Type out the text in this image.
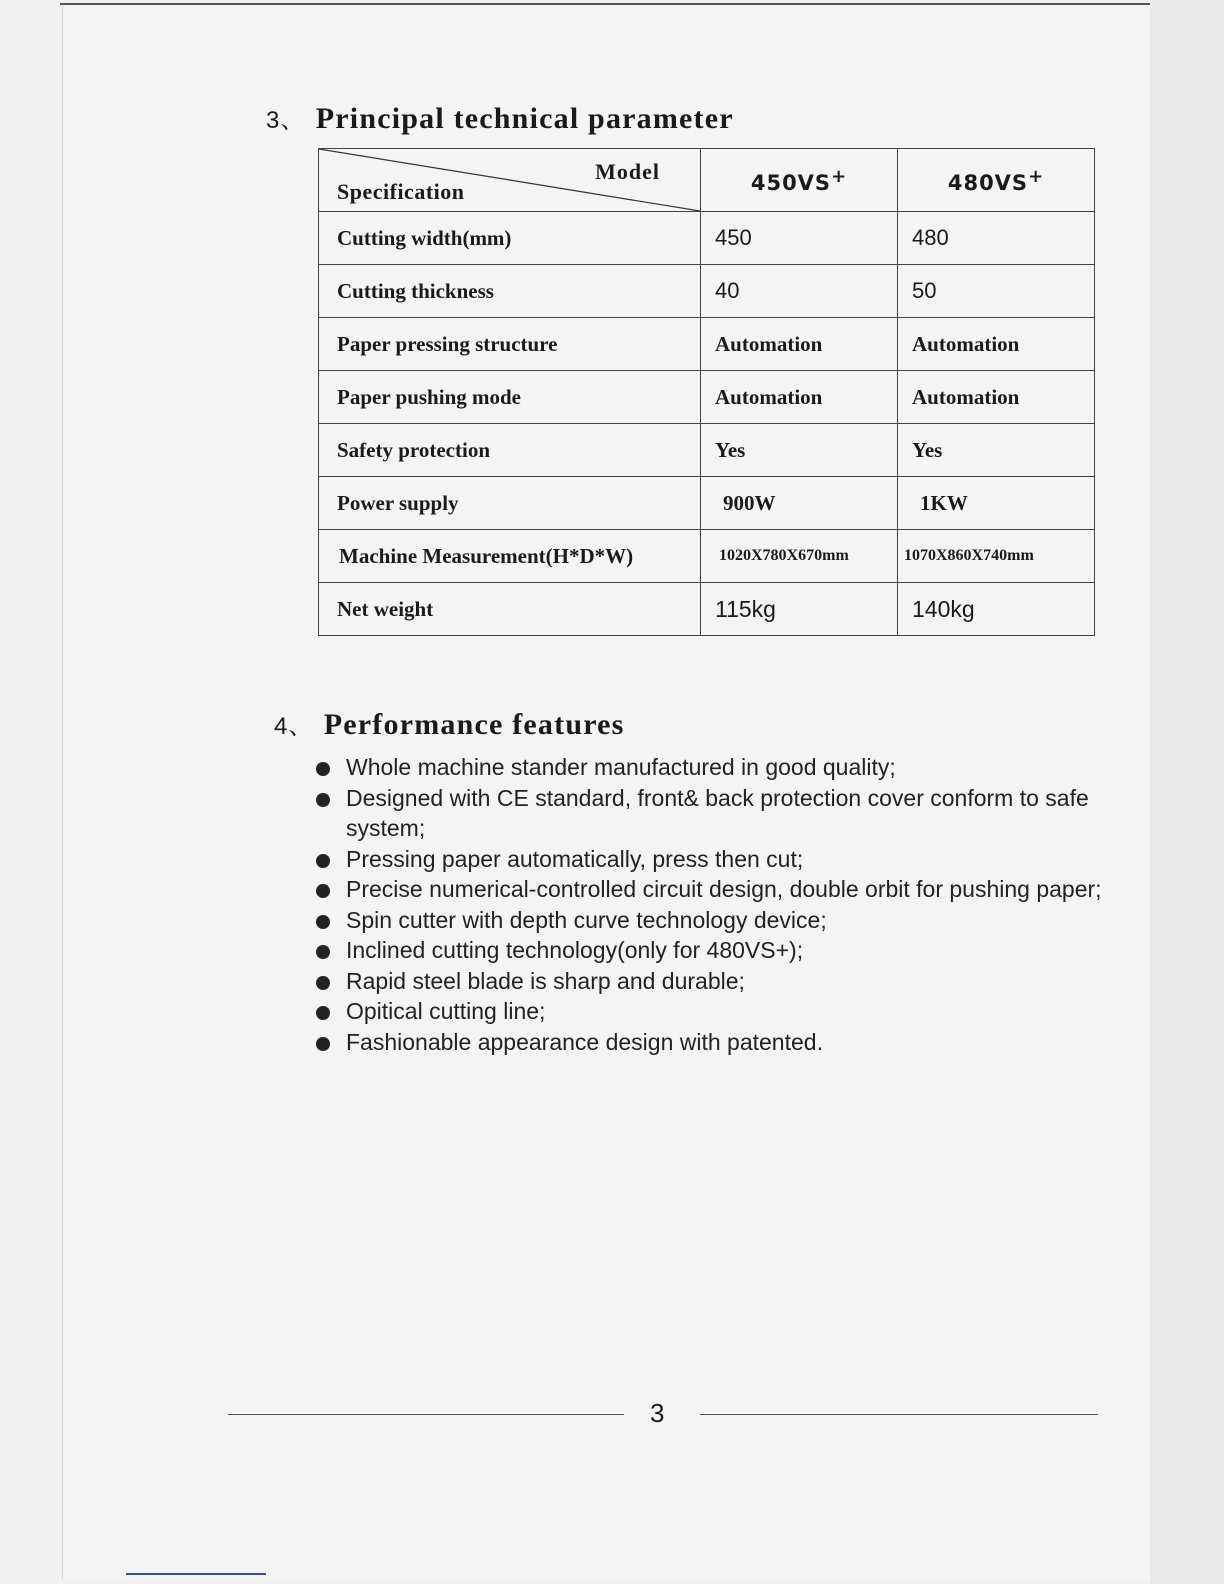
3、 Principal technical parameter
Model
Specification	450VS+	480VS+
Cutting width(mm)	450	480
Cutting thickness	40	50
Paper pressing structure	Automation	Automation
Paper pushing mode	Automation	Automation
Safety protection	Yes	Yes
Power supply	900W	1KW
Machine Measurement(H*D*W)	1020X780X670mm	1070X860X740mm
Net weight	115kg	140kg
4、 Performance features
Whole machine stander manufactured in good quality;
Designed with CE standard, front& back protection cover conform to safe system;
Pressing paper automatically, press then cut;
Precise numerical-controlled circuit design, double orbit for pushing paper;
Spin cutter with depth curve technology device;
Inclined cutting technology(only for 480VS+);
Rapid steel blade is sharp and durable;
Opitical cutting line;
Fashionable appearance design with patented.
3
